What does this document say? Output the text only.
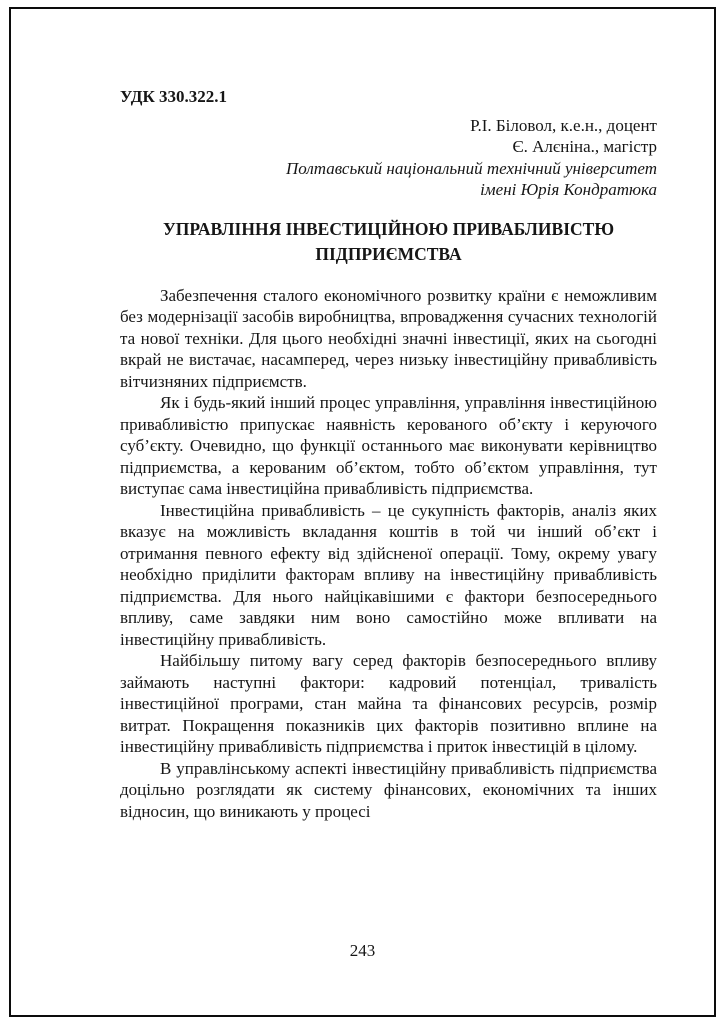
УДК 330.322.1
Р.І. Біловол, к.е.н., доцент
Є. Алєніна., магістр
Полтавський національний технічний університет
імені Юрія Кондратюка
УПРАВЛІННЯ ІНВЕСТИЦІЙНОЮ ПРИВАБЛИВІСТЮ
ПІДПРИЄМСТВА

Забезпечення сталого економічного розвитку країни є неможливим без модернізації засобів виробництва, впровадження сучасних технологій та нової техніки. Для цього необхідні значні інвестиції, яких на сьогодні вкрай не вистачає, насамперед, через низьку інвестиційну привабливість вітчизняних підприємств.

Як і будь-який інший процес управління, управління інвестиційною привабливістю припускає наявність керованого об’єкту і керуючого суб’єкту. Очевидно, що функції останнього має виконувати керівництво підприємства, а керованим об’єктом, тобто об’єктом управління, тут виступає сама інвестиційна привабливість підприємства.

Інвестиційна привабливість – це сукупність факторів, аналіз яких вказує на можливість вкладання коштів в той чи інший об’єкт і отримання певного ефекту від здійсненої операції. Тому, окрему увагу необхідно приділити факторам впливу на інвестиційну привабливість підприємства. Для нього найцікавішими є фактори безпосереднього впливу, саме завдяки ним воно самостійно може впливати на інвестиційну привабливість.

Найбільшу питому вагу серед факторів безпосереднього впливу займають наступні фактори: кадровий потенціал, тривалість інвестиційної програми, стан майна та фінансових ресурсів, розмір витрат. Покращення показників цих факторів позитивно вплине на інвестиційну привабливість підприємства і приток інвестицій в цілому.

В управлінському аспекті інвестиційну привабливість підприємства доцільно розглядати як систему фінансових, економічних та інших відносин, що виникають у процесі

243
